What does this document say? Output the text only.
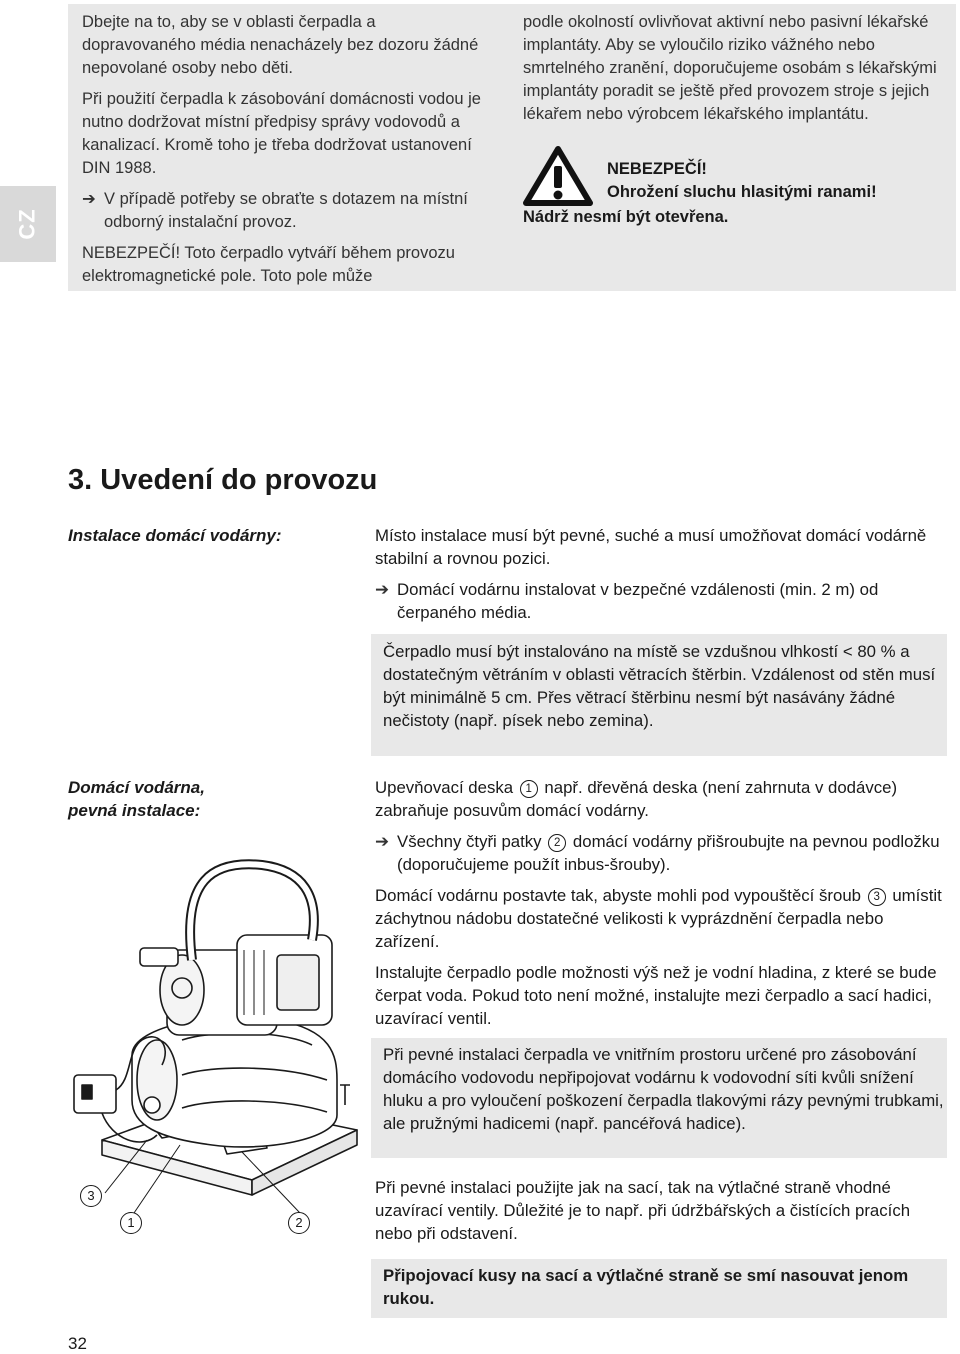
CZ

Dbejte na to, aby se v oblasti čerpadla a dopravovaného média nenacházely bez dozoru žádné nepovolané osoby nebo děti.

Při použití čerpadla k zásobování domácnosti vodou je nutno dodržovat místní předpisy správy vodovodů a kanalizací. Kromě toho je třeba dodržovat ustanovení DIN 1988.

➔ V případě potřeby se obraťte s dotazem na místní odborný instalační provoz.

NEBEZPEČÍ! Toto čerpadlo vytváří během provozu elektromagnetické pole. Toto pole může

podle okolností ovlivňovat aktivní nebo pasivní lékařské implantáty. Aby se vyloučilo riziko vážného nebo smrtelného zranění, doporučujeme osobám s lékařskými implantáty poradit se ještě před provozem stroje s jejich lékařem nebo výrobcem lékařského implantátu.

NEBEZPEČÍ!
Ohrožení sluchu hlasitými ranami!
Nádrž nesmí být otevřena.
3. Uvedení do provozu
Instalace domácí vodárny:	Místo instalace musí být pevné, suché a musí umožňovat domácí vodárně stabilní a rovnou pozici.

➔ Domácí vodárnu instalovat v bezpečné vzdálenosti (min. 2 m) od čerpaného média.
Čerpadlo musí být instalováno na místě se vzdušnou vlhkostí < 80 % a dostatečným větráním v oblasti větracích štěrbin. Vzdálenost od stěn musí být minimálně 5 cm. Přes větrací štěrbinu nesmí být nasávány žádné nečistoty (např. písek nebo zemina).
Domácí vodárna,
pevná instalace:

Upevňovací deska 1 např. dřevěná deska (není zahrnuta v dodávce) zabraňuje posuvům domácí vodárny.

➔ Všechny čtyři patky 2 domácí vodárny přišroubujte na pevnou podložku (doporučujeme použít inbus-šrouby).

Domácí vodárnu postavte tak, abyste mohli pod vypouštěcí šroub 3 umístit záchytnou nádobu dostatečné velikosti k vyprázdnění čerpadla nebo zařízení.

Instalujte čerpadlo podle možnosti výš než je vodní hladina, z které se bude čerpat voda. Pokud toto není možné, instalujte mezi čerpadlo a sací hadici, uzavírací ventil.

Při pevné instalaci čerpadla ve vnitřním prostoru určené pro zásobování domácího vodovodu nepřipojovat vodárnu k vodovodní síti kvůli snížení hluku a pro vyloučení poškození čerpadla tlakovými rázy pevnými trubkami, ale pružnými hadicemi (např. pancéřová hadice).
Při pevné instalaci použijte jak na sací, tak na výtlačné straně vhodné uzavírací ventily. Důležité je to např. při údržbářských a čistících pracích nebo při odstavení.
Připojovací kusy na sací a výtlačné straně se smí nasouvat jenom rukou.
3
1	2
32
